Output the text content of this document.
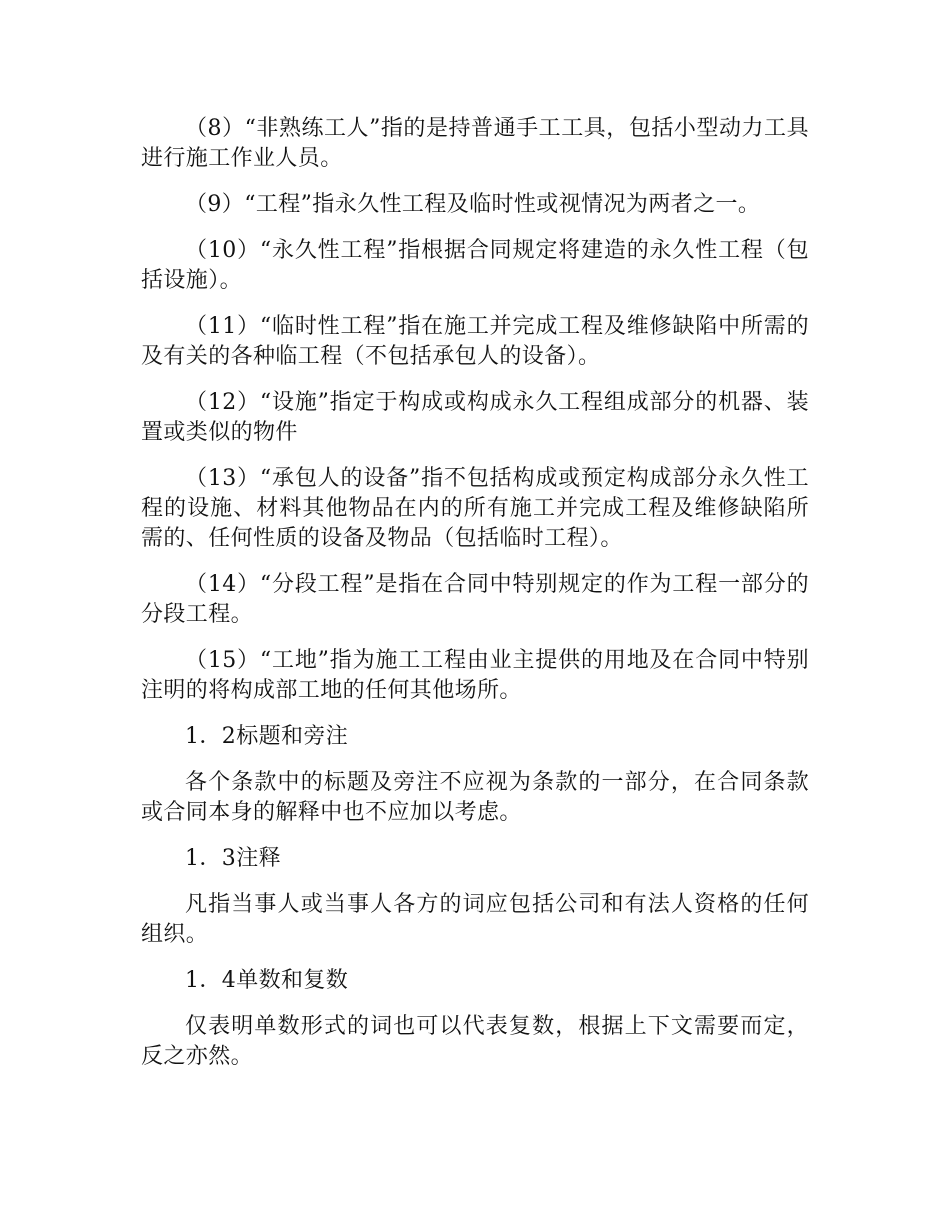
（8）“非熟练工人”指的是持普通手工工具，包括小型动力工具进行施工作业人员。

（9）“工程”指永久性工程及临时性或视情况为两者之一。

（10）“永久性工程”指根据合同规定将建造的永久性工程（包括设施）。

（11）“临时性工程”指在施工并完成工程及维修缺陷中所需的及有关的各种临工程（不包括承包人的设备）。

（12）“设施”指定于构成或构成永久工程组成部分的机器、装置或类似的物件

（13）“承包人的设备”指不包括构成或预定构成部分永久性工程的设施、材料其他物品在内的所有施工并完成工程及维修缺陷所需的、任何性质的设备及物品（包括临时工程）。

（14）“分段工程”是指在合同中特别规定的作为工程一部分的分段工程。

（15）“工地”指为施工工程由业主提供的用地及在合同中特别注明的将构成部工地的任何其他场所。

1．2标题和旁注

各个条款中的标题及旁注不应视为条款的一部分，在合同条款或合同本身的解释中也不应加以考虑。

1．3注释

凡指当事人或当事人各方的词应包括公司和有法人资格的任何组织。

1．4单数和复数

仅表明单数形式的词也可以代表复数，根据上下文需要而定，反之亦然。
